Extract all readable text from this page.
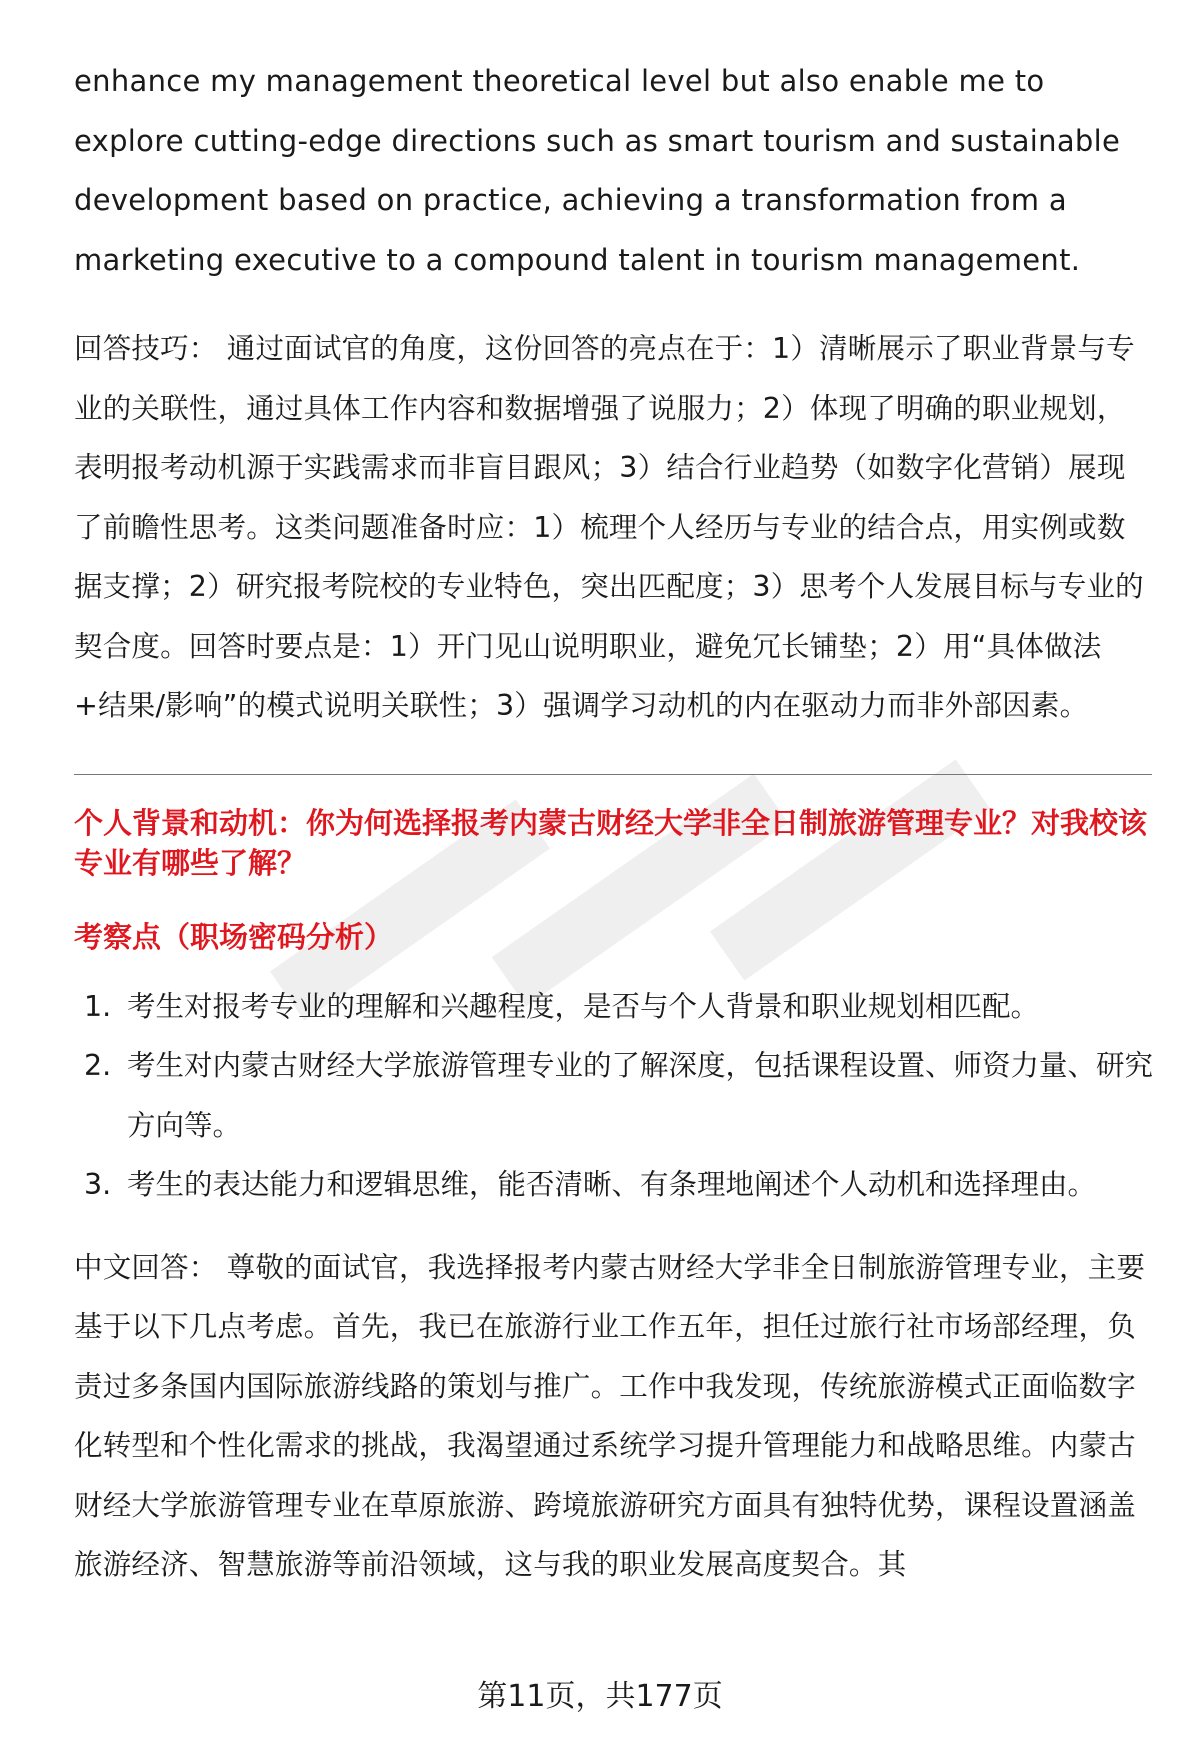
enhance my management theoretical level but also enable me to explore cutting-edge directions such as smart tourism and sustainable development based on practice, achieving a transformation from a marketing executive to a compound talent in tourism management.

回答技巧： 通过面试官的角度，这份回答的亮点在于：1）清晰展示了职业背景与专业的关联性，通过具体工作内容和数据增强了说服力；2）体现了明确的职业规划，表明报考动机源于实践需求而非盲目跟风；3）结合行业趋势（如数字化营销）展现了前瞻性思考。这类问题准备时应：1）梳理个人经历与专业的结合点，用实例或数据支撑；2）研究报考院校的专业特色，突出匹配度；3）思考个人发展目标与专业的契合度。回答时要点是：1）开门见山说明职业，避免冗长铺垫；2）用“具体做法+结果/影响”的模式说明关联性；3）强调学习动机的内在驱动力而非外部因素。

个人背景和动机：你为何选择报考内蒙古财经大学非全日制旅游管理专业？对我校该专业有哪些了解？

考察点（职场密码分析）

1. 考生对报考专业的理解和兴趣程度，是否与个人背景和职业规划相匹配。
2. 考生对内蒙古财经大学旅游管理专业的了解深度，包括课程设置、师资力量、研究方向等。
3. 考生的表达能力和逻辑思维，能否清晰、有条理地阐述个人动机和选择理由。

中文回答： 尊敬的面试官，我选择报考内蒙古财经大学非全日制旅游管理专业，主要基于以下几点考虑。首先，我已在旅游行业工作五年，担任过旅行社市场部经理，负责过多条国内国际旅游线路的策划与推广。工作中我发现，传统旅游模式正面临数字化转型和个性化需求的挑战，我渴望通过系统学习提升管理能力和战略思维。内蒙古财经大学旅游管理专业在草原旅游、跨境旅游研究方面具有独特优势，课程设置涵盖旅游经济、智慧旅游等前沿领域，这与我的职业发展高度契合。其

第11页，共177页
